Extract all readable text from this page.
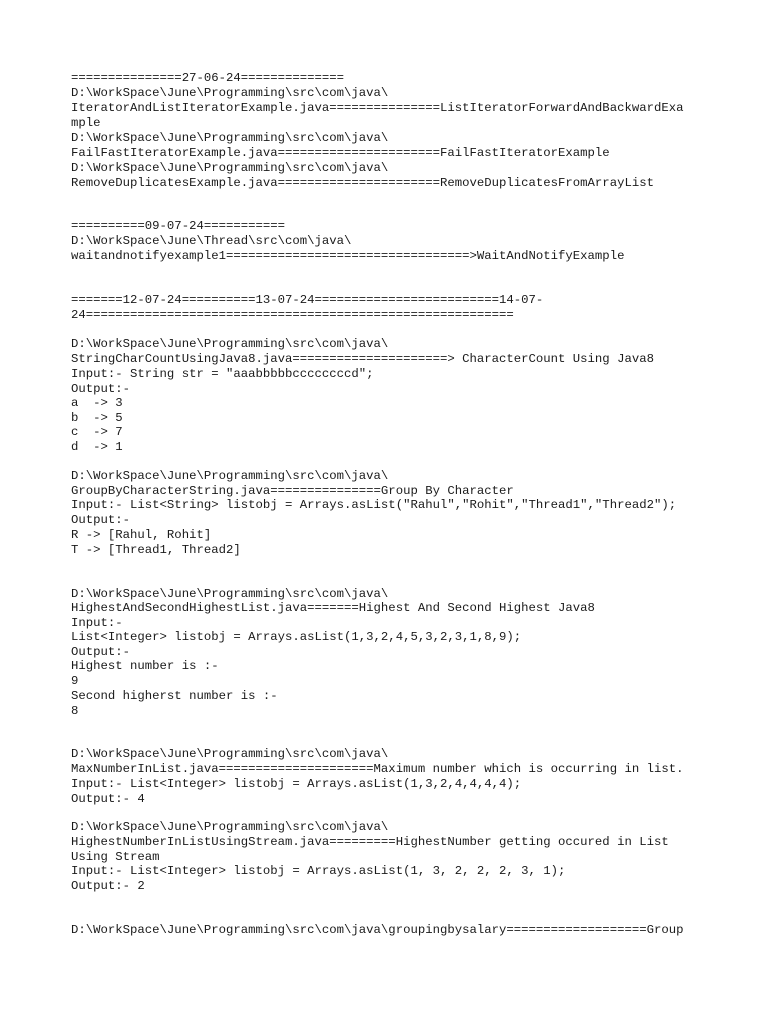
===============27-06-24==============

D:\WorkSpace\June\Programming\src\com\java\

IteratorAndListIteratorExample.java===============ListIteratorForwardAndBackwardExa

mple

D:\WorkSpace\June\Programming\src\com\java\

FailFastIteratorExample.java======================FailFastIteratorExample

D:\WorkSpace\June\Programming\src\com\java\

RemoveDuplicatesExample.java======================RemoveDuplicatesFromArrayList

==========09-07-24===========

D:\WorkSpace\June\Thread\src\com\java\

waitandnotifyexample1=================================>WaitAndNotifyExample

=======12-07-24==========13-07-24=========================14-07-

24==========================================================

D:\WorkSpace\June\Programming\src\com\java\

StringCharCountUsingJava8.java=====================> CharacterCount Using Java8

Input:- String str = "aaabbbbbccccccccd";

Output:-

a  -> 3

b  -> 5

c  -> 7

d  -> 1

D:\WorkSpace\June\Programming\src\com\java\

GroupByCharacterString.java===============Group By Character

Input:- List<String> listobj = Arrays.asList("Rahul","Rohit","Thread1","Thread2");

Output:-

R -> [Rahul, Rohit]

T -> [Thread1, Thread2]

D:\WorkSpace\June\Programming\src\com\java\

HighestAndSecondHighestList.java=======Highest And Second Highest Java8

Input:-

List<Integer> listobj = Arrays.asList(1,3,2,4,5,3,2,3,1,8,9);

Output:-

Highest number is :-

9

Second higherst number is :-

8

D:\WorkSpace\June\Programming\src\com\java\

MaxNumberInList.java=====================Maximum number which is occurring in list.

Input:- List<Integer> listobj = Arrays.asList(1,3,2,4,4,4,4);

Output:- 4

D:\WorkSpace\June\Programming\src\com\java\

HighestNumberInListUsingStream.java=========HighestNumber getting occured in List

Using Stream

Input:- List<Integer> listobj = Arrays.asList(1, 3, 2, 2, 2, 3, 1);

Output:- 2

D:\WorkSpace\June\Programming\src\com\java\groupingbysalary===================Group
